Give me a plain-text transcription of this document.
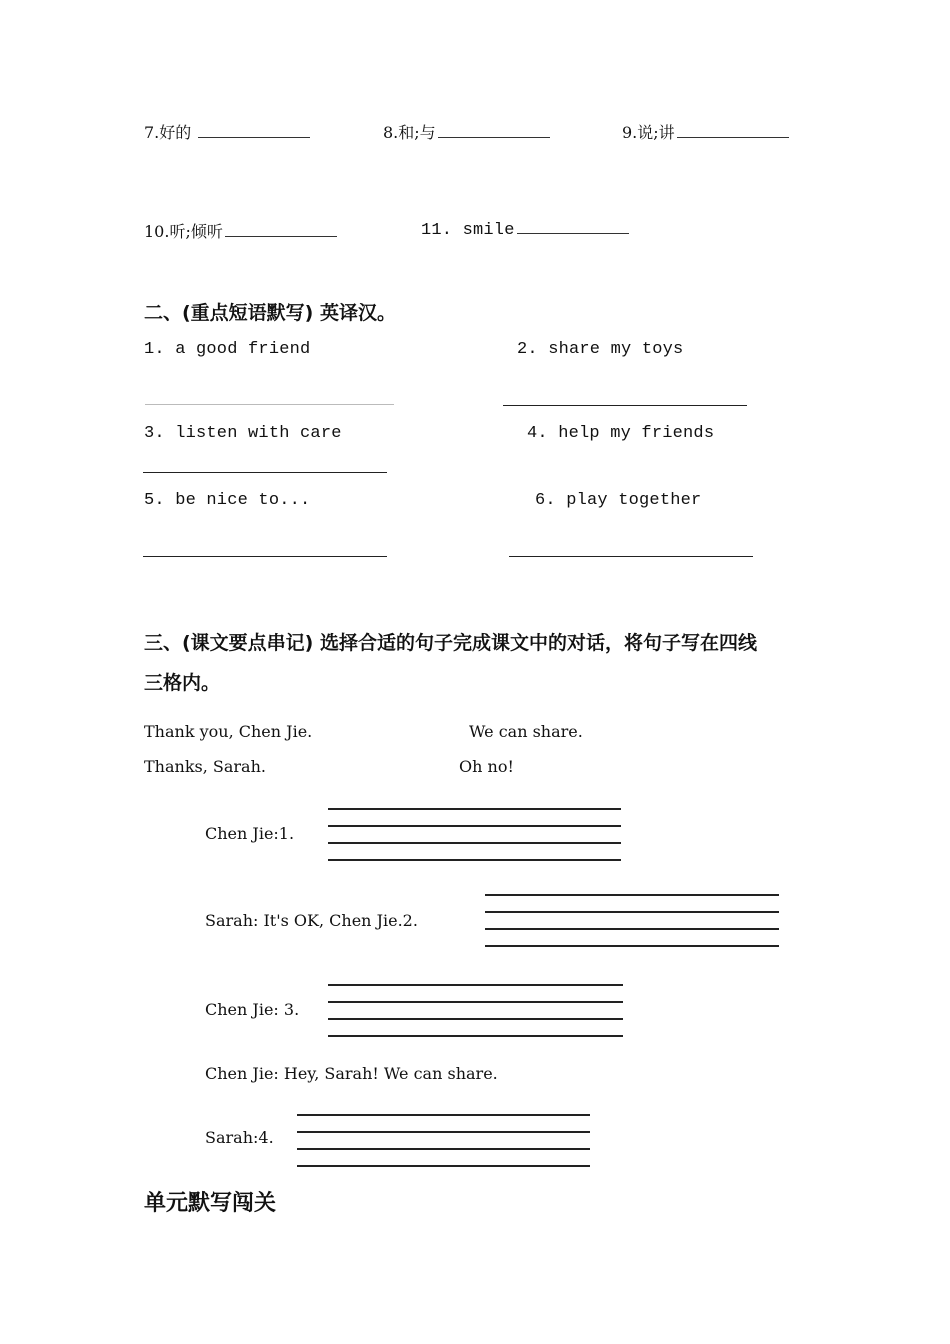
7.好的	8.和;与	9.说;讲
10.听;倾听	11. smile
二、(重点短语默写) 英译汉。
1. a good friend	2. share my toys
3. listen with care	4. help my friends
5. be nice to...	6. play together
三、(课文要点串记) 选择合适的句子完成课文中的对话，将句子写在四线
三格内。
Thank you, Chen Jie.	We can share.
Thanks, Sarah.	Oh no!
Chen Jie:1.
Sarah: It's OK, Chen Jie.2.
Chen Jie: 3.
Chen Jie: Hey, Sarah! We can share.
Sarah:4.
单元默写闯关
